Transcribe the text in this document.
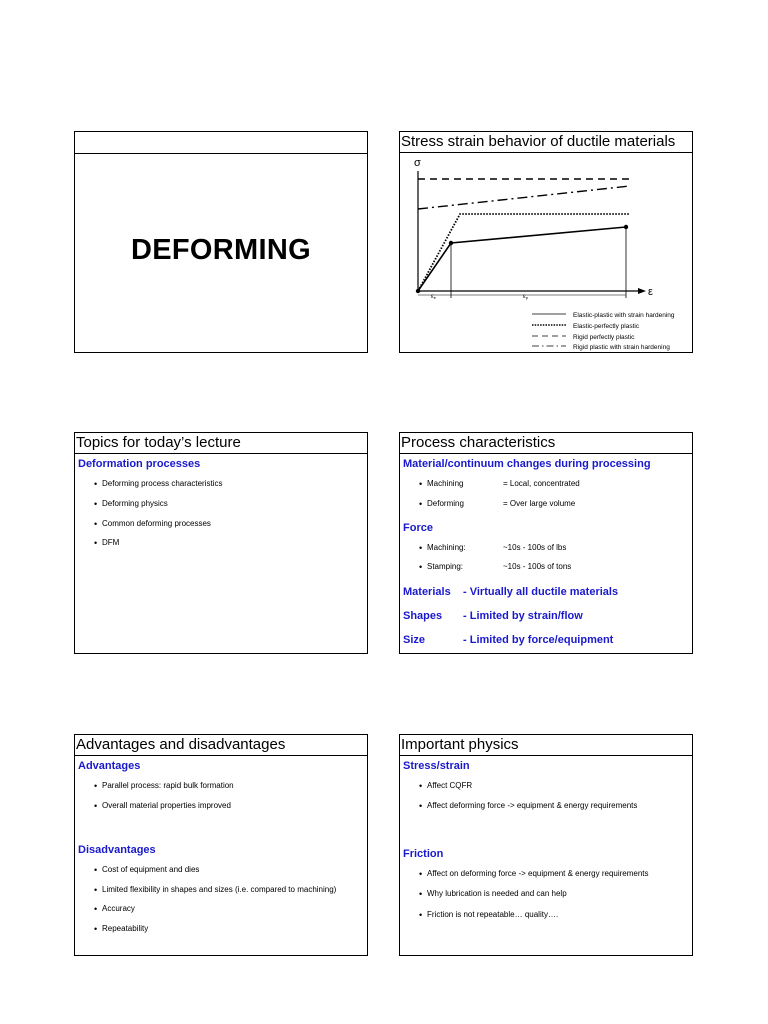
DEFORMING
Stress strain behavior of ductile materials
σ
ε
εe	εp
Elastic-plastic with strain hardening
Elastic-perfectly plastic
Rigid perfectly plastic
Rigid plastic with strain hardening
Topics for today’s lecture
Deformation processes
• Deforming process characteristics
• Deforming physics
• Common deforming processes
• DFM
Process characteristics
Material/continuum changes during processing
• Machining	= Local, concentrated
• Deforming	= Over large volume
Force
• Machining:	~10s - 100s of lbs
• Stamping:	~10s - 100s of tons
Materials - Virtually all ductile materials
Shapes - Limited by strain/flow
Size	- Limited by force/equipment
Advantages and disadvantages
Advantages
• Parallel process: rapid bulk formation
• Overall material properties improved
Disadvantages
• Cost of equipment and dies
• Limited flexibility in shapes and sizes (i.e. compared to machining)
• Accuracy
• Repeatability
Important physics
Stress/strain
• Affect CQFR
• Affect deforming force -> equipment & energy requirements
Friction
• Affect on deforming force -> equipment & energy requirements
• Why lubrication is needed and can help
• Friction is not repeatable… quality….
